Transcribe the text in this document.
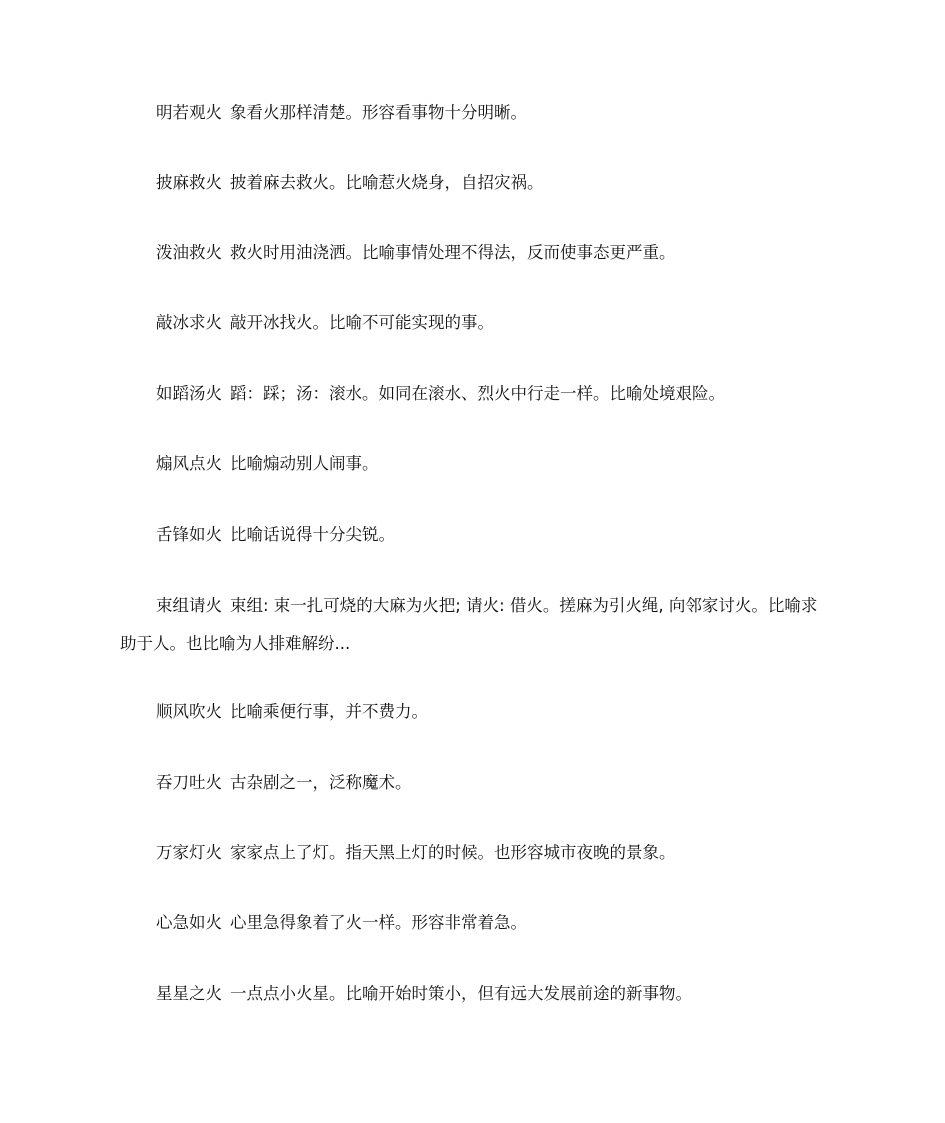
明若观火 象看火那样清楚。形容看事物十分明晰。

披麻救火 披着麻去救火。比喻惹火烧身，自招灾祸。

泼油救火 救火时用油浇洒。比喻事情处理不得法，反而使事态更严重。

敲冰求火 敲开冰找火。比喻不可能实现的事。

如蹈汤火 蹈：踩；汤：滚水。如同在滚水、烈火中行走一样。比喻处境艰险。

煽风点火 比喻煽动别人闹事。

舌锋如火 比喻话说得十分尖锐。

束组请火 束组: 束一扎可烧的大麻为火把; 请火: 借火。搓麻为引火绳, 向邻家讨火。比喻求助于人。也比喻为人排难解纷...

顺风吹火 比喻乘便行事，并不费力。

吞刀吐火 古杂剧之一，泛称魔术。

万家灯火 家家点上了灯。指天黑上灯的时候。也形容城市夜晚的景象。

心急如火 心里急得象着了火一样。形容非常着急。

星星之火 一点点小火星。比喻开始时策小，但有远大发展前途的新事物。
